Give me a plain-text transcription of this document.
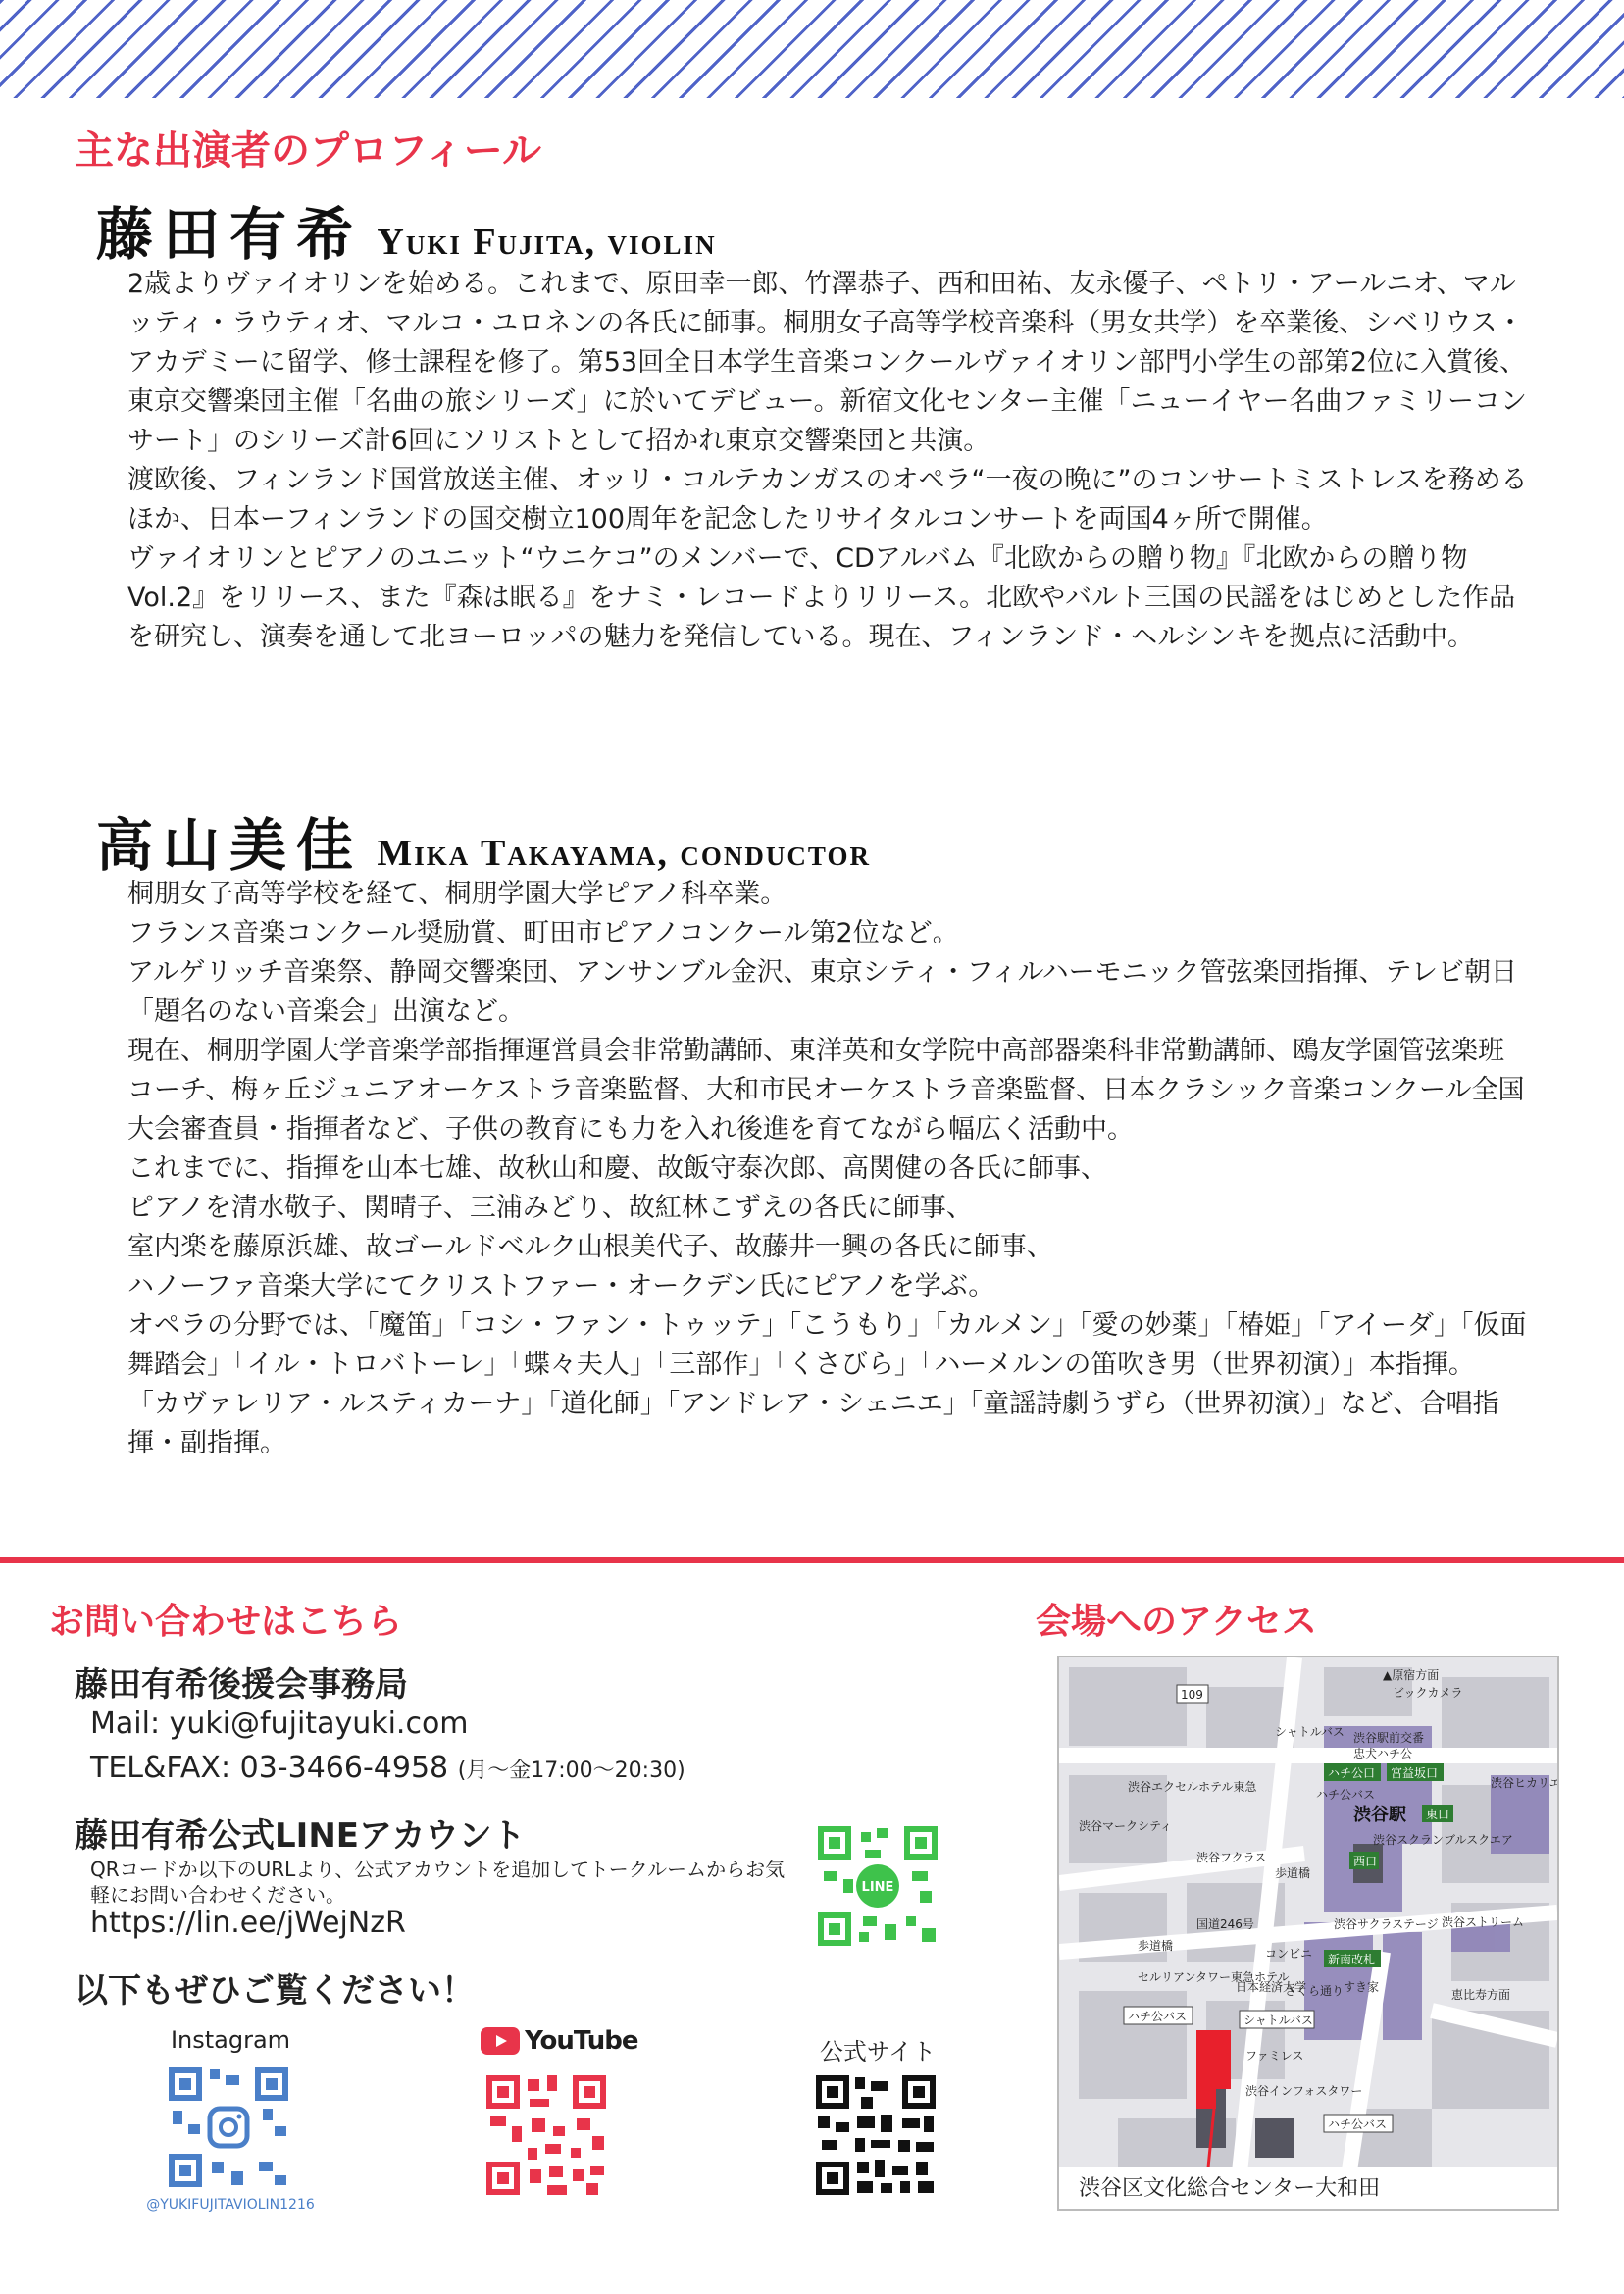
主な出演者のプロフィール
藤田有希 Yuki Fujita, violin

2歳よりヴァイオリンを始める。これまで、原田幸一郎、竹澤恭子、西和田祐、友永優子、ペトリ・アールニオ、マルッティ・ラウティオ、マルコ・ユロネンの各氏に師事。桐朋女子高等学校音楽科（男女共学）を卒業後、シベリウス・アカデミーに留学、修士課程を修了。第53回全日本学生音楽コンクールヴァイオリン部門小学生の部第2位に入賞後、東京交響楽団主催「名曲の旅シリーズ」に於いてデビュー。新宿文化センター主催「ニューイヤー名曲ファミリーコンサート」のシリーズ計6回にソリストとして招かれ東京交響楽団と共演。

渡欧後、フィンランド国営放送主催、オッリ・コルテカンガスのオペラ“一夜の晩に”のコンサートミストレスを務めるほか、日本ーフィンランドの国交樹立100周年を記念したリサイタルコンサートを両国4ヶ所で開催。

ヴァイオリンとピアノのユニット“ウニケコ”のメンバーで、CDアルバム『北欧からの贈り物』『北欧からの贈り物 Vol.2』をリリース、また『森は眠る』をナミ・レコードよりリリース。北欧やバルト三国の民謡をはじめとした作品を研究し、演奏を通して北ヨーロッパの魅力を発信している。現在、フィンランド・ヘルシンキを拠点に活動中。

高山美佳 Mika Takayama, conductor

桐朋女子高等学校を経て、桐朋学園大学ピアノ科卒業。

フランス音楽コンクール奨励賞、町田市ピアノコンクール第2位など。

アルゲリッチ音楽祭、静岡交響楽団、アンサンブル金沢、東京シティ・フィルハーモニック管弦楽団指揮、テレビ朝日「題名のない音楽会」出演など。

現在、桐朋学園大学音楽学部指揮運営員会非常勤講師、東洋英和女学院中高部器楽科非常勤講師、鴎友学園管弦楽班コーチ、梅ヶ丘ジュニアオーケストラ音楽監督、大和市民オーケストラ音楽監督、日本クラシック音楽コンクール全国大会審査員・指揮者など、子供の教育にも力を入れ後進を育てながら幅広く活動中。

これまでに、指揮を山本七雄、故秋山和慶、故飯守泰次郎、高関健の各氏に師事、

ピアノを清水敬子、関晴子、三浦みどり、故紅林こずえの各氏に師事、

室内楽を藤原浜雄、故ゴールドベルク山根美代子、故藤井一興の各氏に師事、

ハノーファ音楽大学にてクリストファー・オークデン氏にピアノを学ぶ。

オペラの分野では、「魔笛」「コシ・ファン・トゥッテ」「こうもり」「カルメン」「愛の妙薬」「椿姫」「アイーダ」「仮面舞踏会」「イル・トロバトーレ」「蝶々夫人」「三部作」「くさびら」「ハーメルンの笛吹き男（世界初演）」本指揮。

「カヴァレリア・ルスティカーナ」「道化師」「アンドレア・シェニエ」「童謡詩劇うずら（世界初演）」など、合唱指揮・副指揮。

お問い合わせはこちら
藤田有希後援会事務局
Mail: yuki@fujitayuki.com
TEL&FAX: 03-3466-4958 (月～金17:00～20:30)
藤田有希公式LINEアカウント
QRコードか以下のURLより、公式アカウントを追加してトークルームからお気軽にお問い合わせください。
https://lin.ee/jWejNzR
LINE
以下もぜひご覧ください！
Instagram
@YUKIFUJITAVIOLIN1216
YouTube	公式サイト
会場へのアクセス
▲原宿方面
ビックカメラ
109
シャトルバス 渋谷駅前交番
忠犬ハチ公
ハチ公口 宮益坂口
ハチ公バス
渋谷エクセルホテル東急
渋谷駅 東口
渋谷ヒカリエ
渋谷マークシティ
渋谷スクランブルスクエア
渋谷フクラス
歩道橋
西口
国道246号
歩道橋
渋谷サクラステージ 渋谷ストリーム
コンビニ 新南改札
さくら通り
セルリアンタワー東急ホテル
日本経済大学	すき家
恵比寿方面
ハチ公バス	シャトルバス
ファミレス
渋谷インフォスタワー
ハチ公バス
渋谷区文化総合センター大和田
